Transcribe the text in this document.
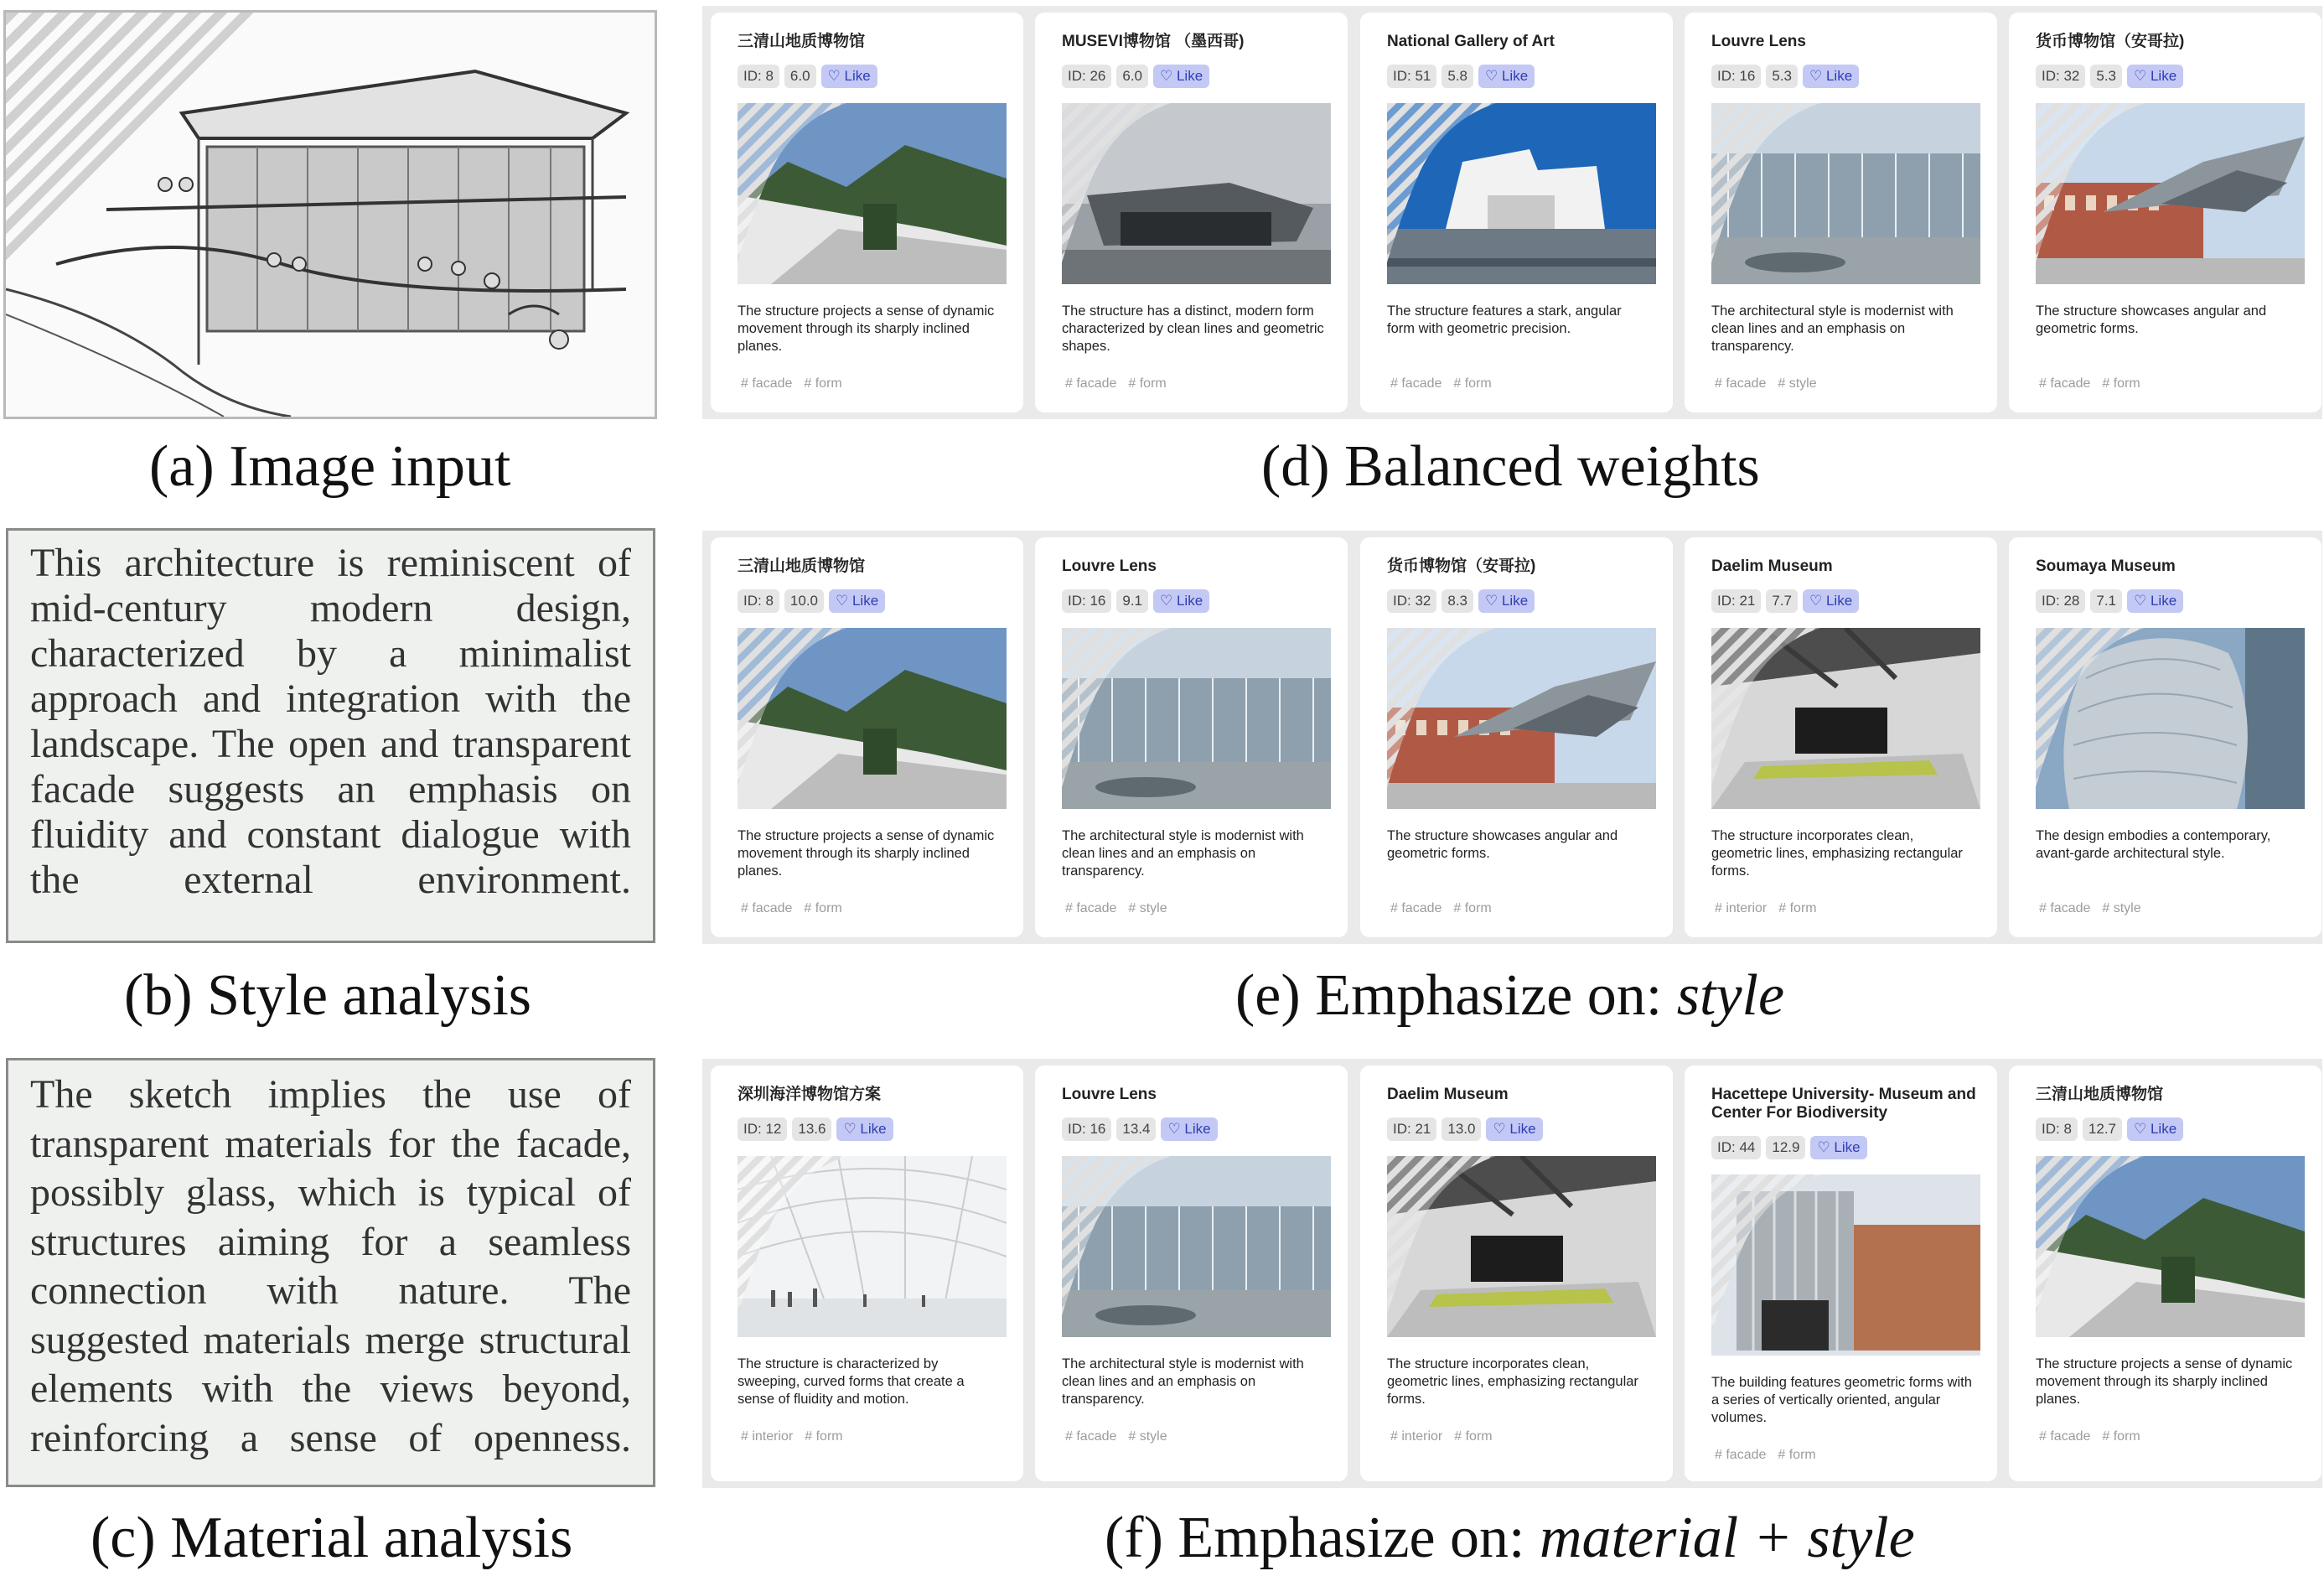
(a) Image input
This architecture is reminiscent of mid-century modern design, characterized by a minimalist approach and integration with the landscape. The open and transparent facade suggests an emphasis on fluidity and constant dialogue with the external environment.
(b) Style analysis
The sketch implies the use of transparent materials for the facade, possibly glass, which is typical of structures aiming for a seamless connection with nature. The suggested materials merge structural elements with the views beyond, reinforcing a sense of openness.
(c) Material analysis
三清山地质博物馆
ID: 8	6.0	♡ Like
The structure projects a sense of dynamic movement through its sharply inclined planes.
# facade # form
MUSEVI博物馆 （墨西哥)
ID: 26	6.0	♡ Like
The structure has a distinct, modern form characterized by clean lines and geometric shapes.
# facade # form
National Gallery of Art
ID: 51	5.8	♡ Like
The structure features a stark, angular form with geometric precision.
# facade # form
Louvre Lens
ID: 16	5.3	♡ Like
The architectural style is modernist with clean lines and an emphasis on transparency.
# facade # style
货币博物馆（安哥拉)
ID: 32	5.3	♡ Like
The structure showcases angular and geometric forms.
# facade # form
(d) Balanced weights
三清山地质博物馆
ID: 8	10.0	♡ Like
The structure projects a sense of dynamic movement through its sharply inclined planes.
# facade # form
Louvre Lens
ID: 16	9.1	♡ Like
The architectural style is modernist with clean lines and an emphasis on transparency.
# facade # style
货币博物馆（安哥拉)
ID: 32	8.3	♡ Like
The structure showcases angular and geometric forms.
# facade # form
Daelim Museum
ID: 21	7.7	♡ Like
The structure incorporates clean, geometric lines, emphasizing rectangular forms.
# interior # form
Soumaya Museum
ID: 28	7.1	♡ Like
The design embodies a contemporary, avant-garde architectural style.
# facade # style
(e) Emphasize on: style
深圳海洋博物馆方案
ID: 12	13.6	♡ Like
The structure is characterized by sweeping, curved forms that create a sense of fluidity and motion.
# interior # form
Louvre Lens
ID: 16	13.4	♡ Like
The architectural style is modernist with clean lines and an emphasis on transparency.
# facade # style
Daelim Museum
ID: 21	13.0	♡ Like
The structure incorporates clean, geometric lines, emphasizing rectangular forms.
# interior # form
Hacettepe University- Museum and Center For Biodiversity
ID: 44	12.9	♡ Like
The building features geometric forms with a series of vertically oriented, angular volumes.
# facade # form
三清山地质博物馆
ID: 8	12.7	♡ Like
The structure projects a sense of dynamic movement through its sharply inclined planes.
# facade # form
(f) Emphasize on: material + style
